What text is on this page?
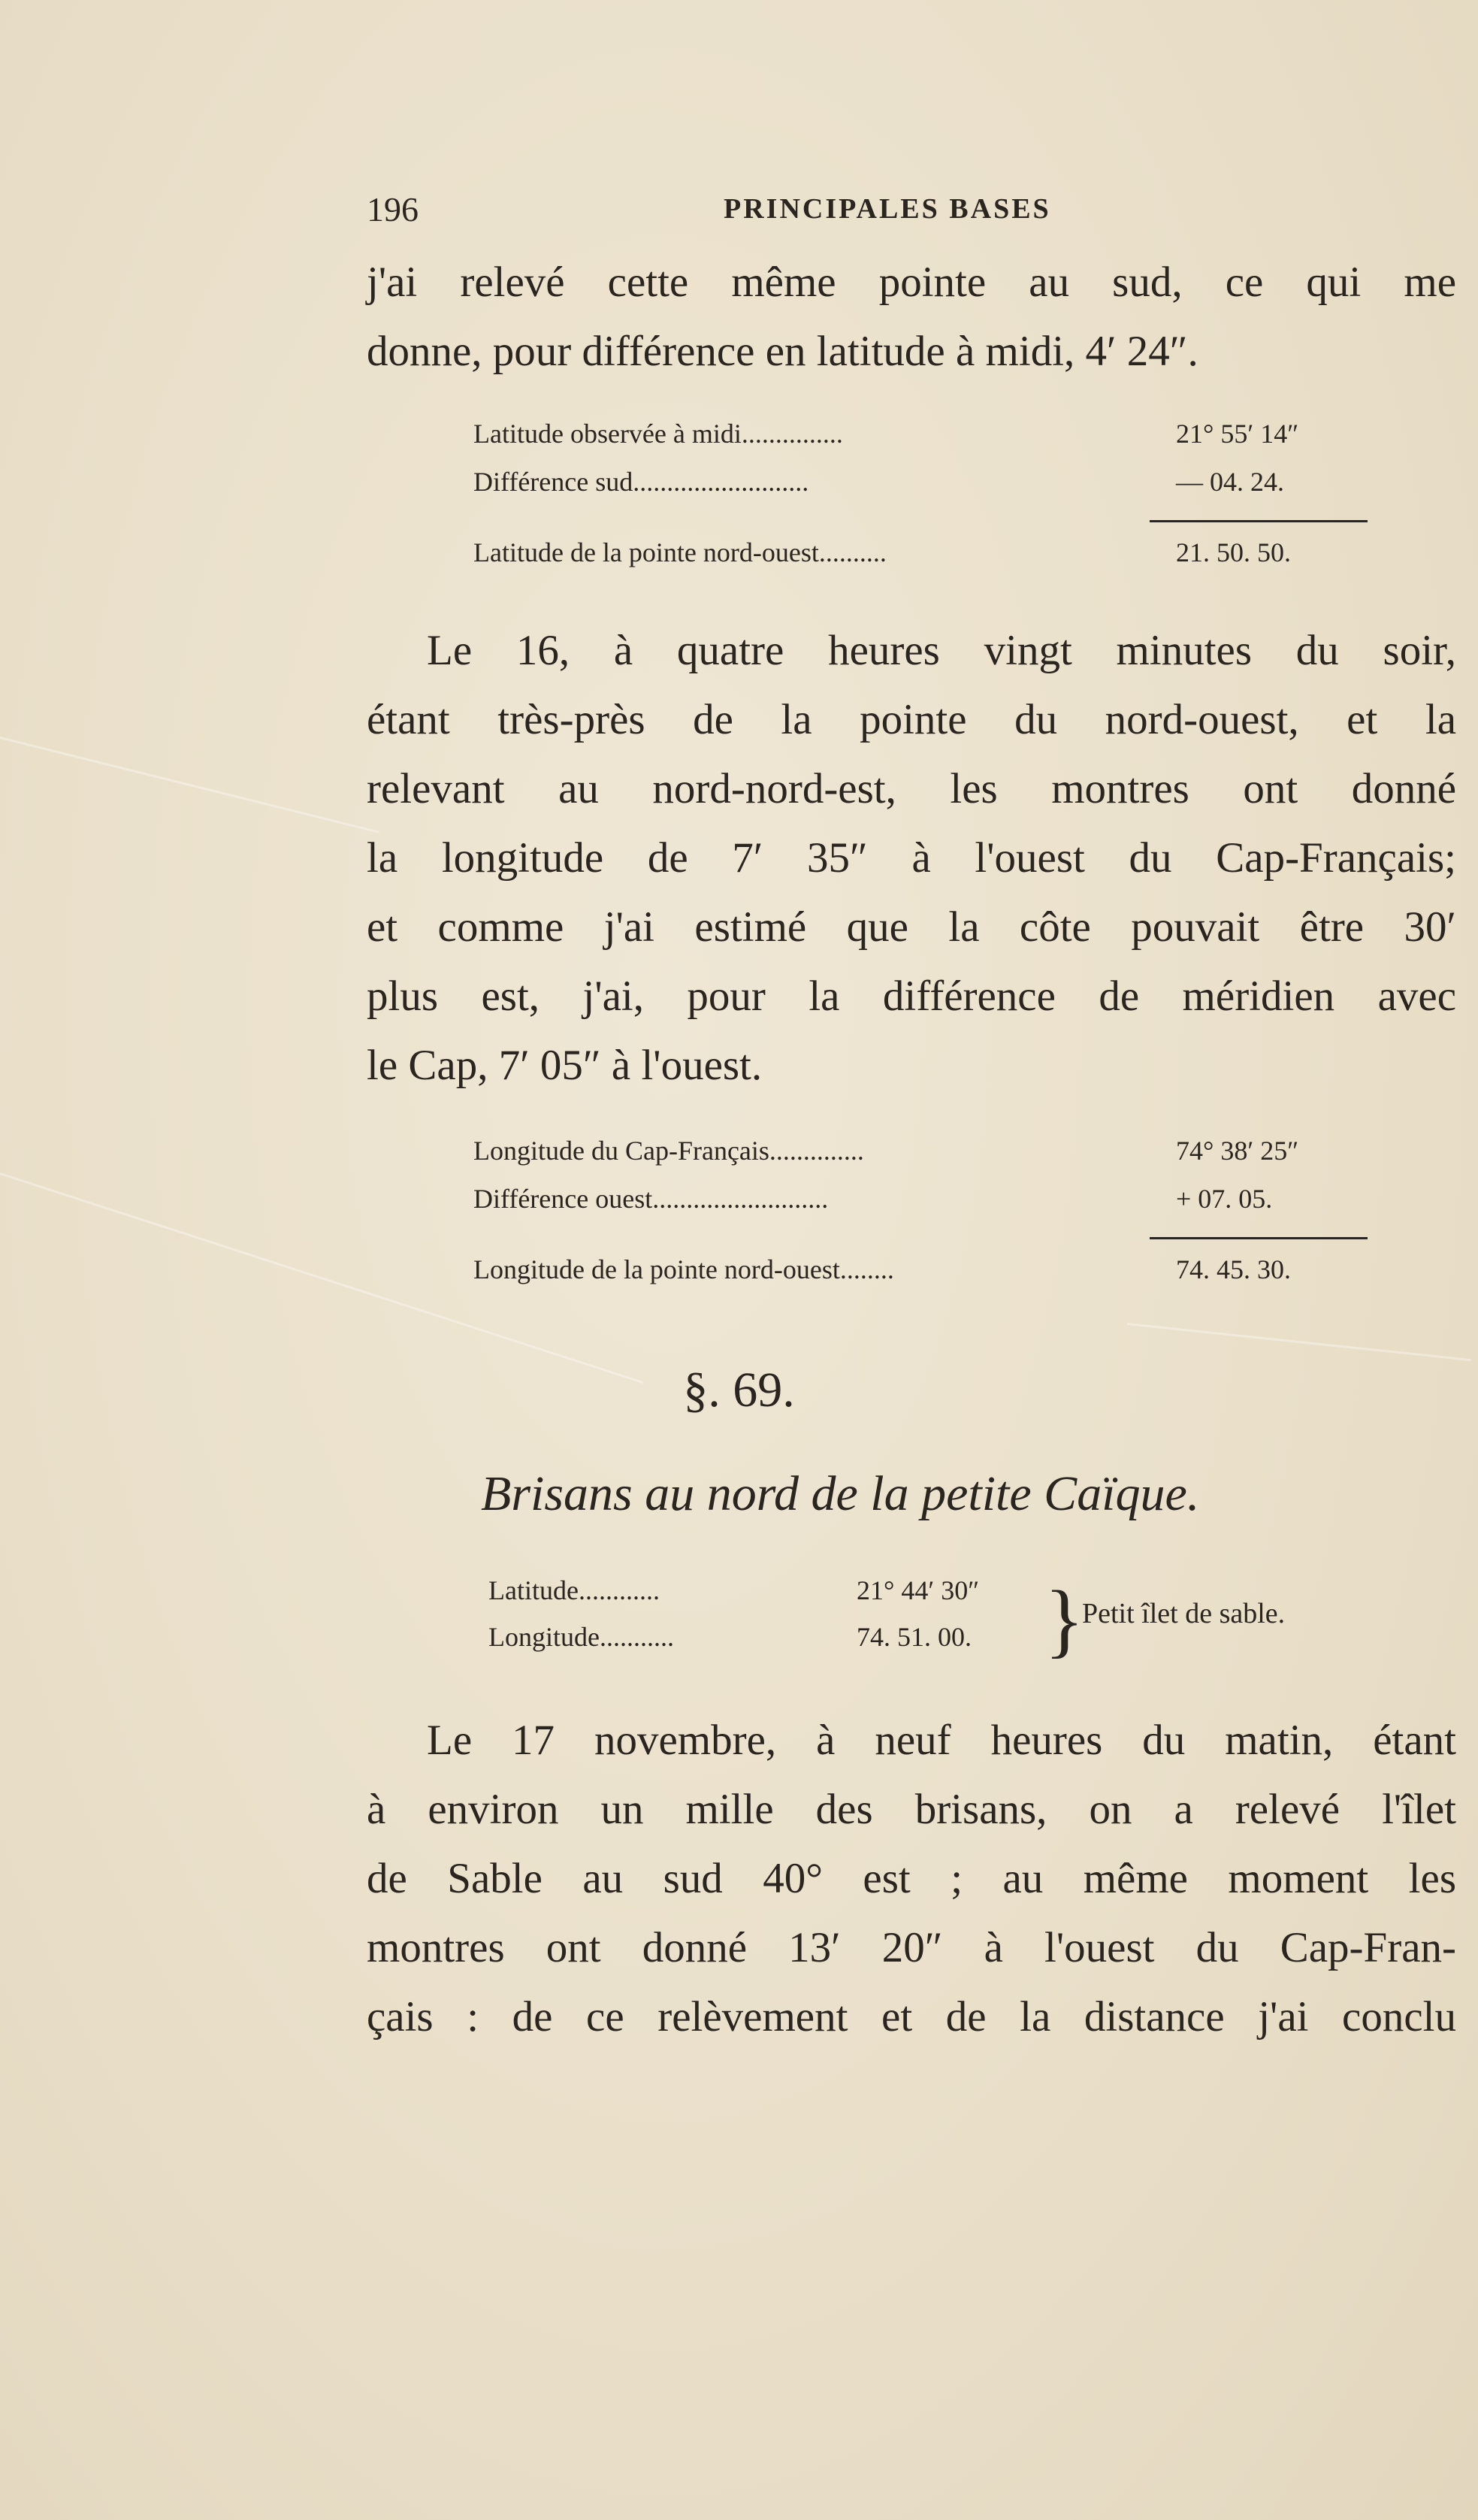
196	PRINCIPALES BASES
j'ai relevé cette même pointe au sud, ce qui me
donne, pour différence en latitude à midi, 4′ 24″.
Latitude observée à midi...............	21° 55′ 14″
Différence sud..........................	— 04. 24.
Latitude de la pointe nord-ouest..........	21. 50. 50.
Le 16, à quatre heures vingt minutes du soir,
étant très-près de la pointe du nord-ouest, et la
relevant au nord-nord-est, les montres ont donné
la longitude de 7′ 35″ à l'ouest du Cap-Français;
et comme j'ai estimé que la côte pouvait être 30′
plus est, j'ai, pour la différence de méridien avec
le Cap, 7′ 05″ à l'ouest.
Longitude du Cap-Français..............	74° 38′ 25″
Différence ouest..........................	+ 07. 05.
Longitude de la pointe nord-ouest........	74. 45. 30.
§. 69.
Brisans au nord de la petite Caïque.
Latitude............	21° 44′ 30″
Longitude...........	74. 51. 00. }
Petit îlet de sable.
Le 17 novembre, à neuf heures du matin, étant
à environ un mille des brisans, on a relevé l'îlet
de Sable au sud 40° est ; au même moment les
montres ont donné 13′ 20″ à l'ouest du Cap-Fran-
çais : de ce relèvement et de la distance j'ai conclu
